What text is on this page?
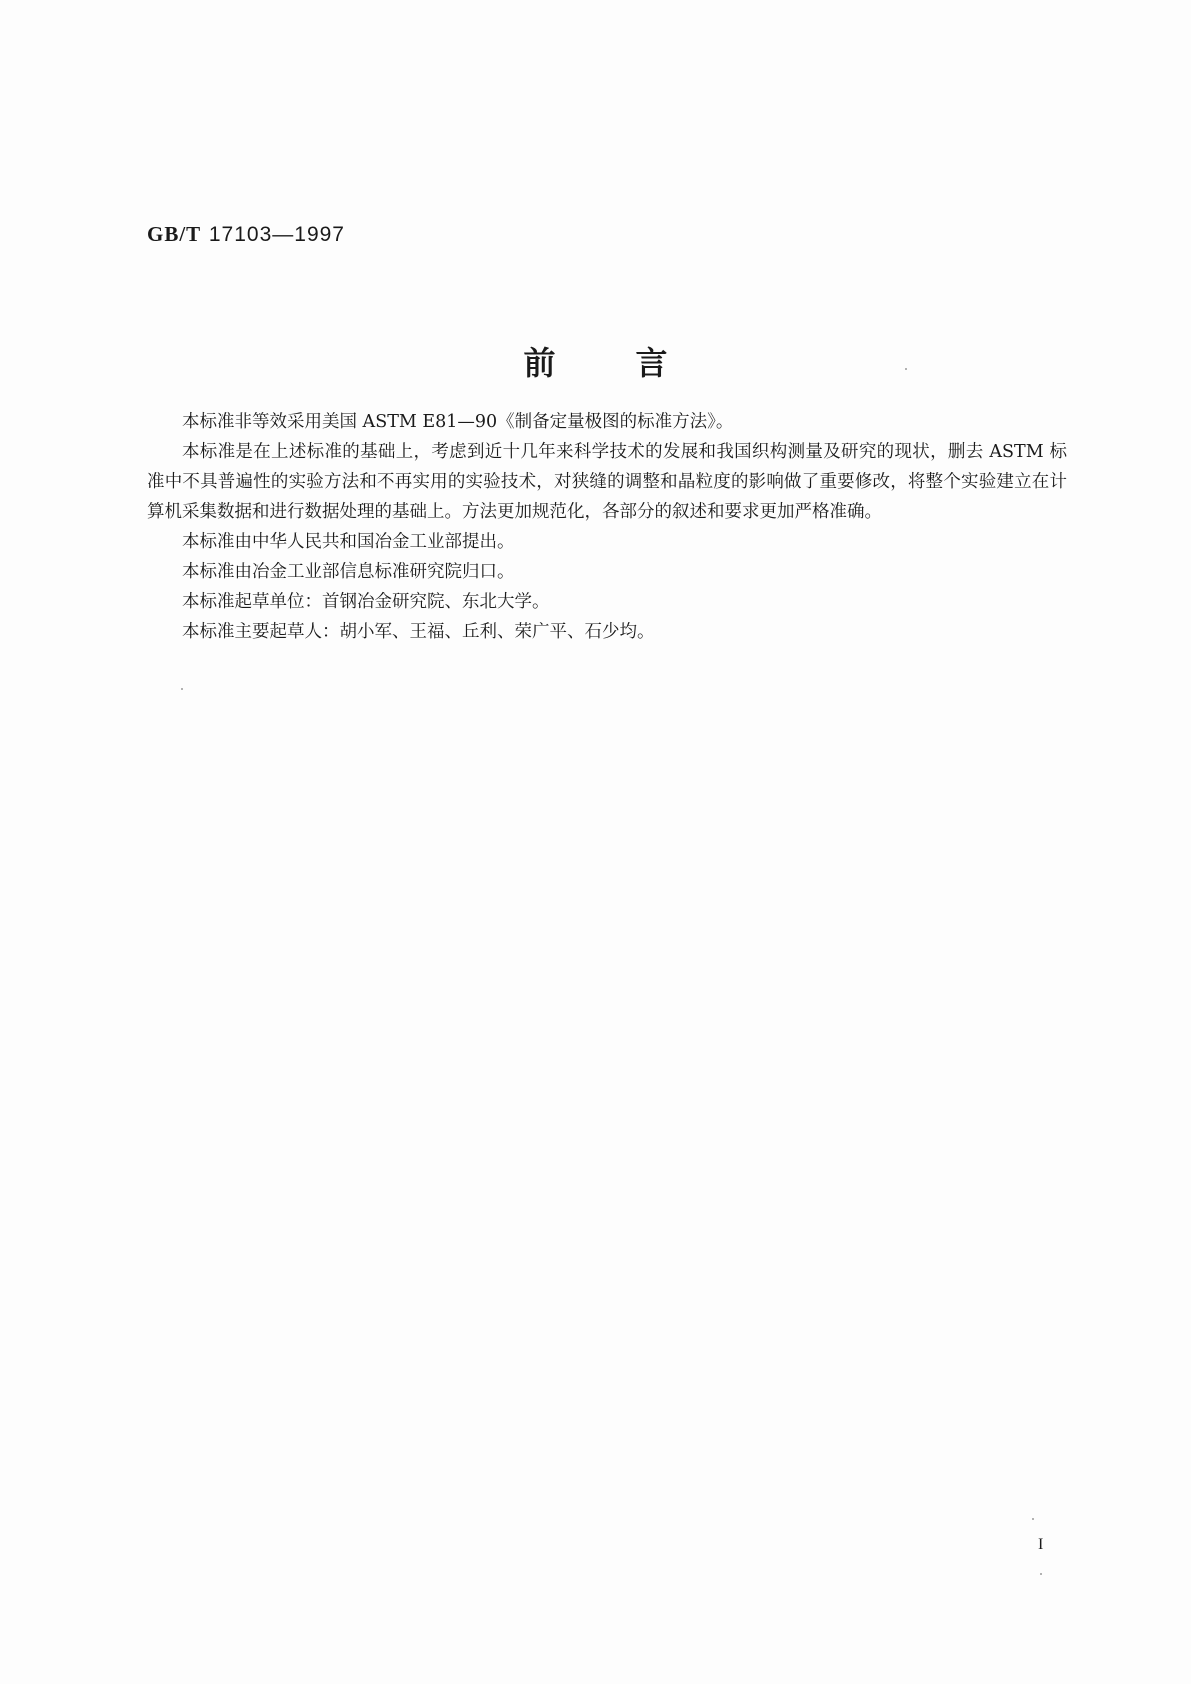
GB/T 17103—1997
前言

本标准非等效采用美国 ASTM E81—90《制备定量极图的标准方法》。

本标准是在上述标准的基础上，考虑到近十几年来科学技术的发展和我国织构测量及研究的现状，删去 ASTM 标准中不具普遍性的实验方法和不再实用的实验技术，对狭缝的调整和晶粒度的影响做了重要修改，将整个实验建立在计算机采集数据和进行数据处理的基础上。方法更加规范化，各部分的叙述和要求更加严格准确。

本标准由中华人民共和国冶金工业部提出。

本标准由冶金工业部信息标准研究院归口。

本标准起草单位：首钢冶金研究院、东北大学。

本标准主要起草人：胡小军、王福、丘利、荣广平、石少均。

I
